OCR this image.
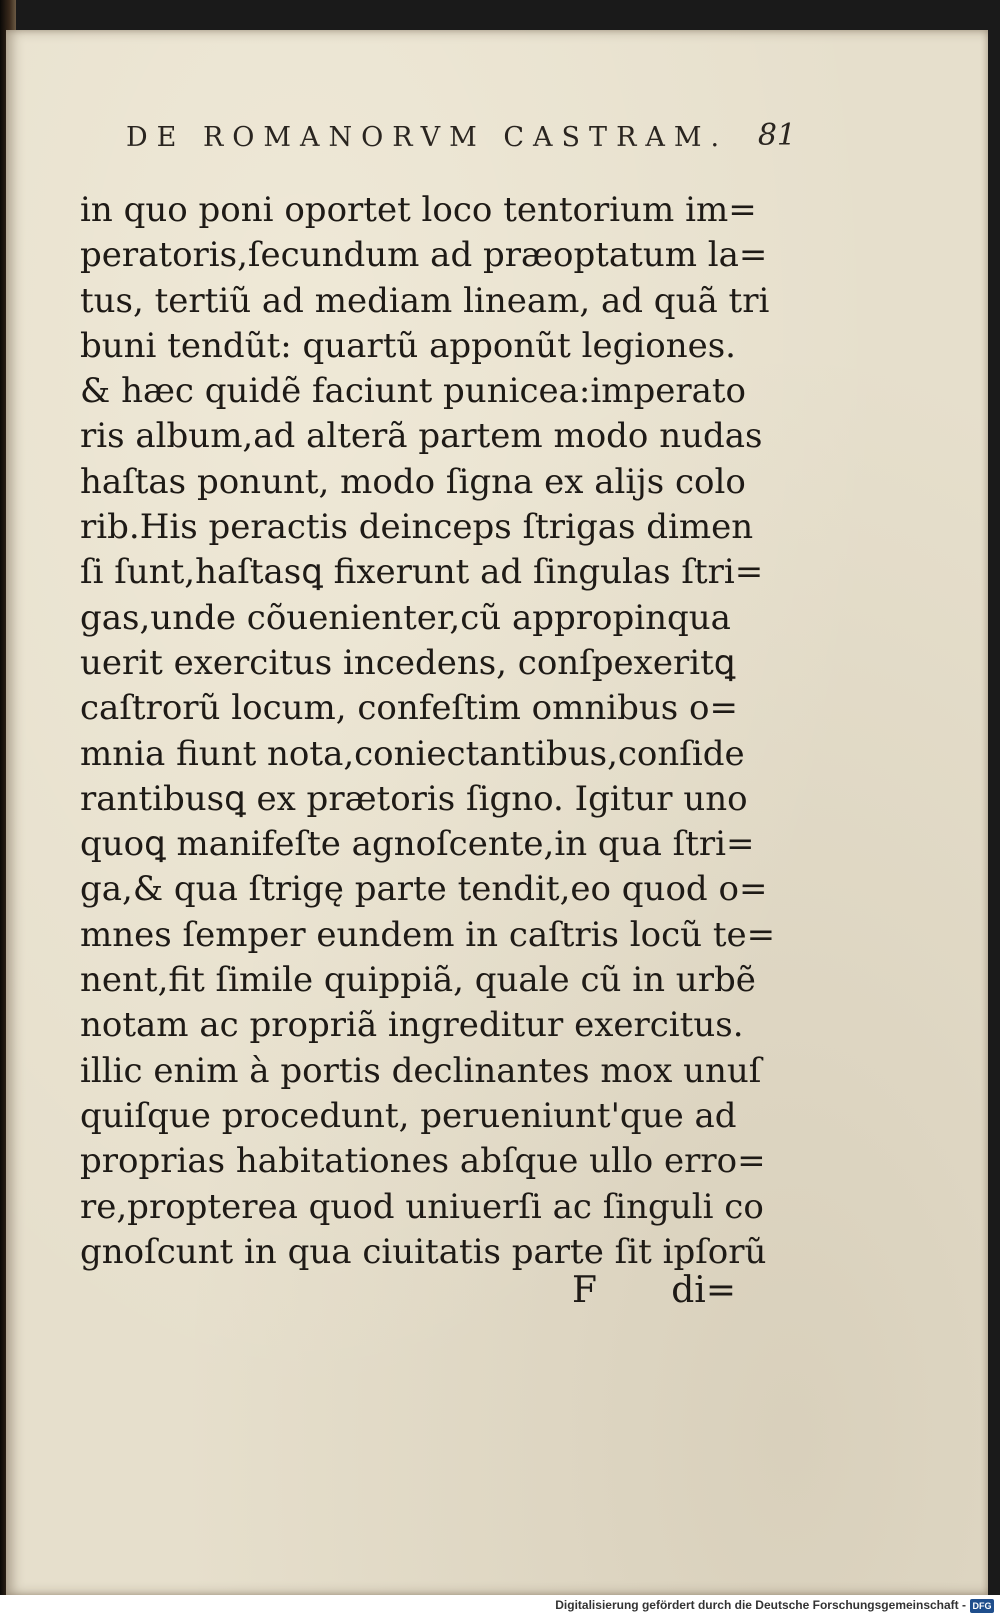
DE ROMANORVM CASTRAM. 81
in quo poni oportet loco tentorium im=
peratoris,ſecundum ad præoptatum la=
tus, tertiũ ad mediam lineam, ad quã tri
buni tendũt: quartũ apponũt legiones.
& hæc quidẽ faciunt punicea:imperato
ris album,ad alterã partem modo nudas
haſtas ponunt, modo ſigna ex aliјs colo
rib.His peractis deinceps ſtrigas dimen
ſi ſunt,haſtasꝗ fixerunt ad ſingulas ſtri=
gas,unde cõuenienter,cũ appropinqua
uerit exercitus incedens, conſpexeritꝗ
caſtrorũ locum, confeſtim omnibus o=
mnia fiunt nota,coniectantibus,conſide
rantibusꝗ ex prætoris ſigno. Igitur uno
quoꝗ manifeſte agnoſcente,in qua ſtri=
ga,& qua ſtrigę parte tendit,eo quod o=
mnes ſemper eundem in caſtris locũ te=
nent,fit ſimile quippiã, quale cũ in urbẽ
notam ac propriã ingreditur exercitus.
illic enim à portis declinantes mox unuſ
quiſque procedunt, perueniunt'que ad
proprias habitationes abſque ullo erro=
re,propterea quod uniuerſi ac ſinguli co
gnoſcunt in qua ciuitatis parte ſit ipſorũ
F di=
Digitalisierung gefördert durch die Deutsche Forschungsgemeinschaft - DFG
